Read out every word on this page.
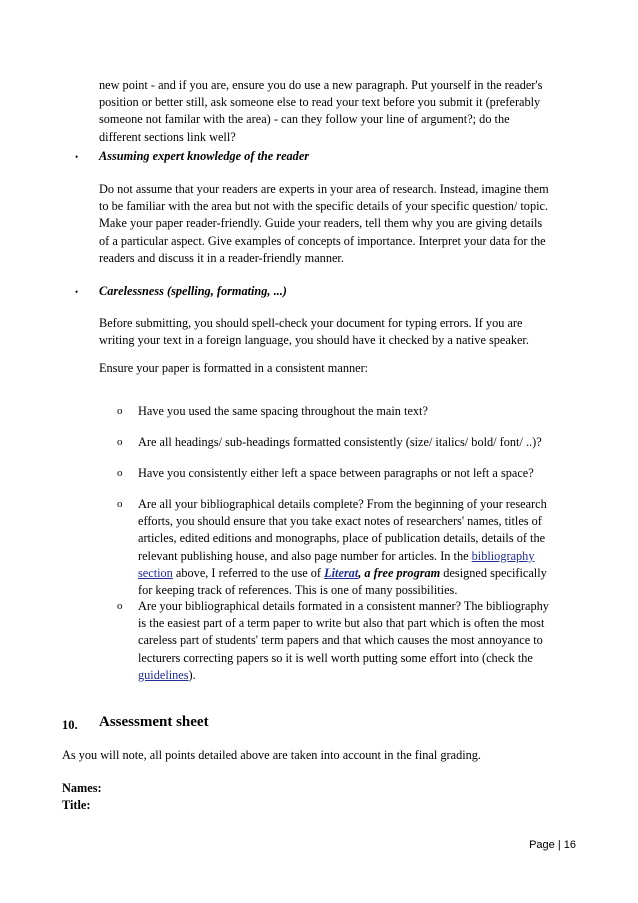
new point - and if you are, ensure you do use a new paragraph. Put yourself in the reader's
position or better still, ask someone else to read your text before you submit it (preferably
someone not familar with the area) - can they follow your line of argument?; do the
different sections link well?
• Assuming expert knowledge of the reader
Do not assume that your readers are experts in your area of research. Instead, imagine them
to be familiar with the area but not with the specific details of your specific question/ topic.
Make your paper reader-friendly. Guide your readers, tell them why you are giving details
of a particular aspect. Give examples of concepts of importance. Interpret your data for the
readers and discuss it in a reader-friendly manner.
• Carelessness (spelling, formating, ...)
Before submitting, you should spell-check your document for typing errors. If you are
writing your text in a foreign language, you should have it checked by a native speaker.
Ensure your paper is formatted in a consistent manner:
o Have you used the same spacing throughout the main text?
o Are all headings/ sub-headings formatted consistently (size/ italics/ bold/ font/ ..)?
o Have you consistently either left a space between paragraphs or not left a space?
o Are all your bibliographical details complete? From the beginning of your research
efforts, you should ensure that you take exact notes of researchers' names, titles of
articles, edited editions and monographs, place of publication details, details of the
relevant publishing house, and also page number for articles. In the bibliography
section above, I referred to the use of Literat, a free program designed specifically
for keeping track of references. This is one of many possibilities.
o Are your bibliographical details formated in a consistent manner? The bibliography
is the easiest part of a term paper to write but also that part which is often the most
careless part of students' term papers and that which causes the most annoyance to
lecturers correcting papers so it is well worth putting some effort into (check the
guidelines).
10. Assessment sheet
As you will note, all points detailed above are taken into account in the final grading.
Names:
Title:
Page | 16
